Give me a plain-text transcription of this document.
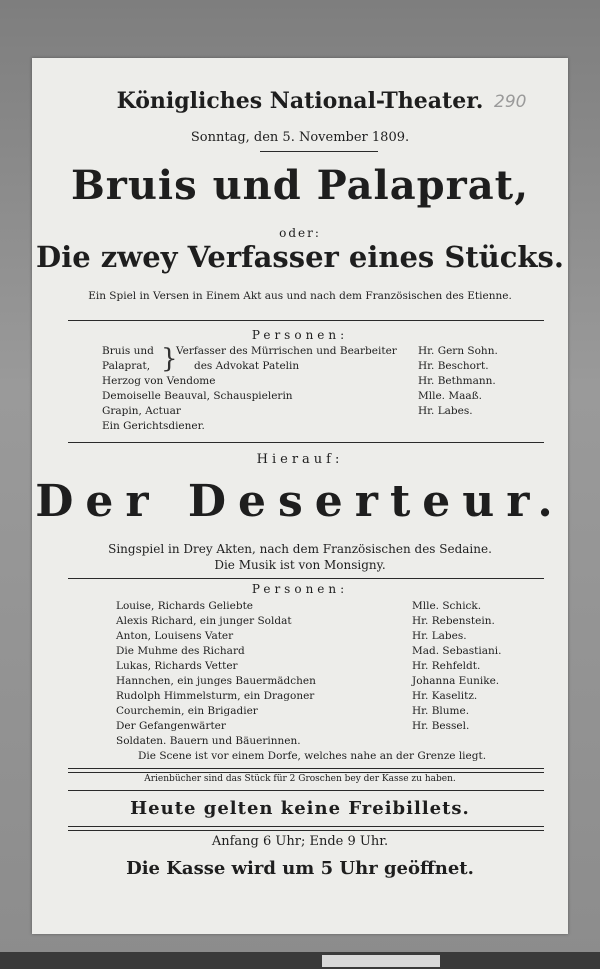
Königliches National-Theater.
Sonntag, den 5. November 1809.
Bruis und Palaprat,
oder:
Die zwey Verfasser eines Stücks.
Ein Spiel in Versen in Einem Akt aus und nach dem Französischen des Etienne.
Personen:
Bruis und
Palaprat, }
Verfasser des Mürrischen und Bearbeiter
des Advokat Patelin
Herzog von Vendome
Demoiselle Beauval, Schauspielerin
Grapin, Actuar
Ein Gerichtsdiener.
Hr. Gern Sohn.
Hr. Beschort.
Hr. Bethmann.
Mlle. Maaß.
Hr. Labes.
Hierauf:
Der Deserteur.
Singspiel in Drey Akten, nach dem Französischen des Sedaine.
Die Musik ist von Monsigny.
Personen:
Louise, Richards Geliebte
Alexis Richard, ein junger Soldat
Anton, Louisens Vater
Die Muhme des Richard
Lukas, Richards Vetter
Hannchen, ein junges Bauermädchen
Rudolph Himmelsturm, ein Dragoner
Courchemin, ein Brigadier
Der Gefangenwärter
Soldaten. Bauern und Bäuerinnen.
Mlle. Schick.
Hr. Rebenstein.
Hr. Labes.
Mad. Sebastiani.
Hr. Rehfeldt.
Johanna Eunike.
Hr. Kaselitz.
Hr. Blume.
Hr. Bessel.
Die Scene ist vor einem Dorfe, welches nahe an der Grenze liegt.
Arienbücher sind das Stück für 2 Groschen bey der Kasse zu haben.
Heute gelten keine Freibillets.
Anfang 6 Uhr; Ende 9 Uhr.
Die Kasse wird um 5 Uhr geöffnet.
290
